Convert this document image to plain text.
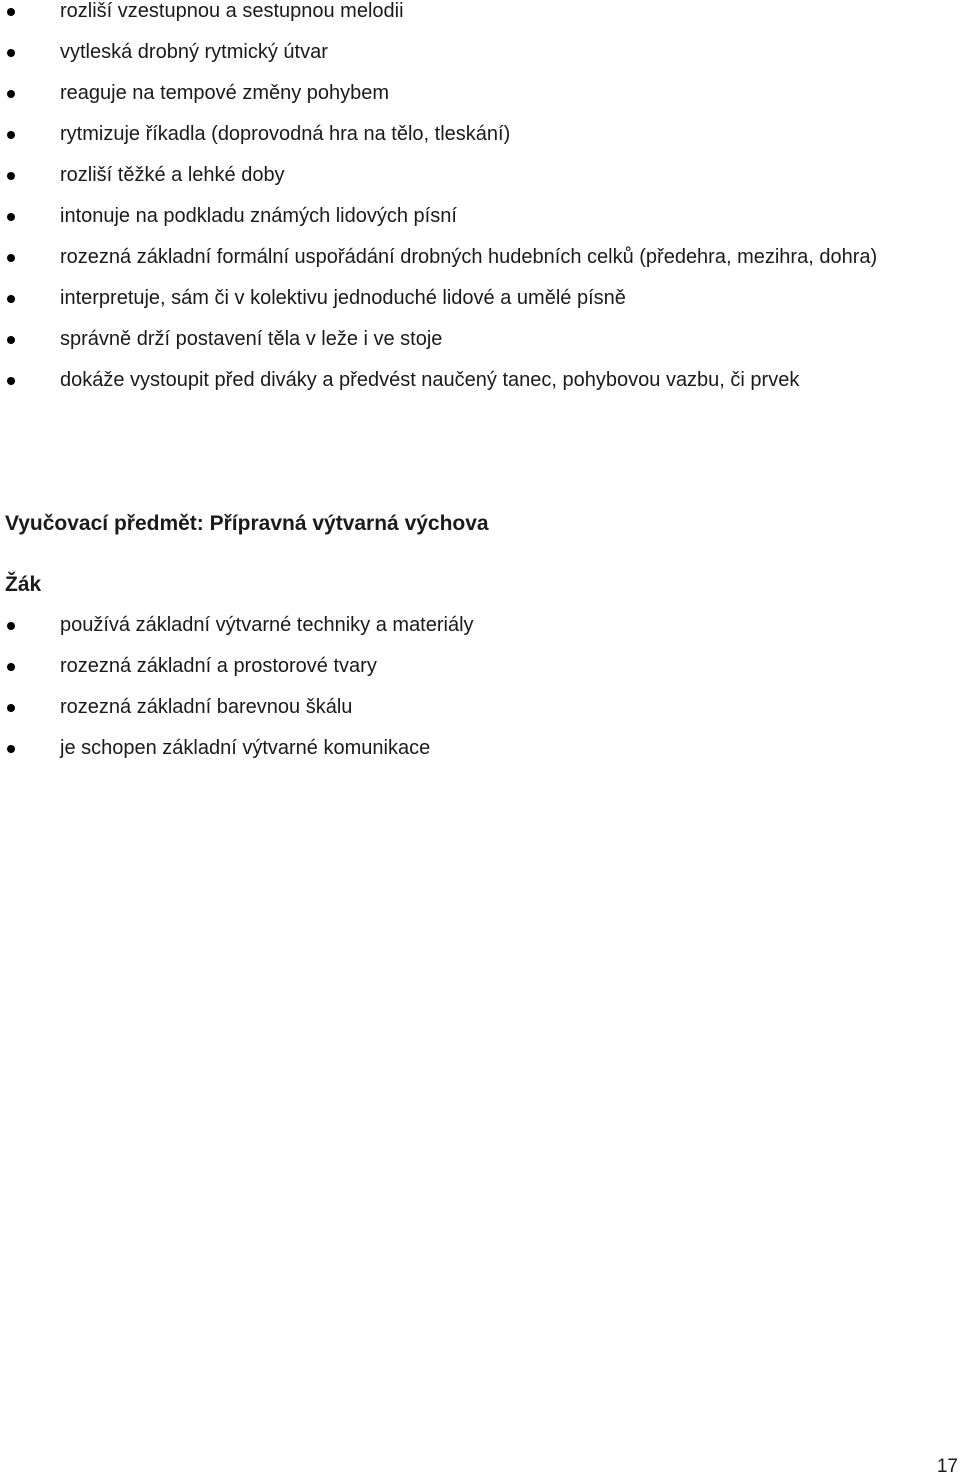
rozliší vzestupnou a sestupnou melodii
vytleská drobný rytmický útvar
reaguje na tempové změny pohybem
rytmizuje říkadla (doprovodná hra na tělo, tleskání)
rozliší těžké a lehké doby
intonuje na podkladu známých lidových písní
rozezná základní formální uspořádání drobných hudebních celků (předehra, mezihra, dohra)
interpretuje, sám či v kolektivu jednoduché lidové a umělé písně
správně drží postavení těla v leže i ve stoje
dokáže vystoupit před diváky a předvést naučený tanec, pohybovou vazbu, či prvek
Vyučovací předmět: Přípravná výtvarná výchova
Žák
používá základní výtvarné techniky a materiály
rozezná základní a prostorové tvary
rozezná základní barevnou škálu
je schopen základní výtvarné komunikace
17
